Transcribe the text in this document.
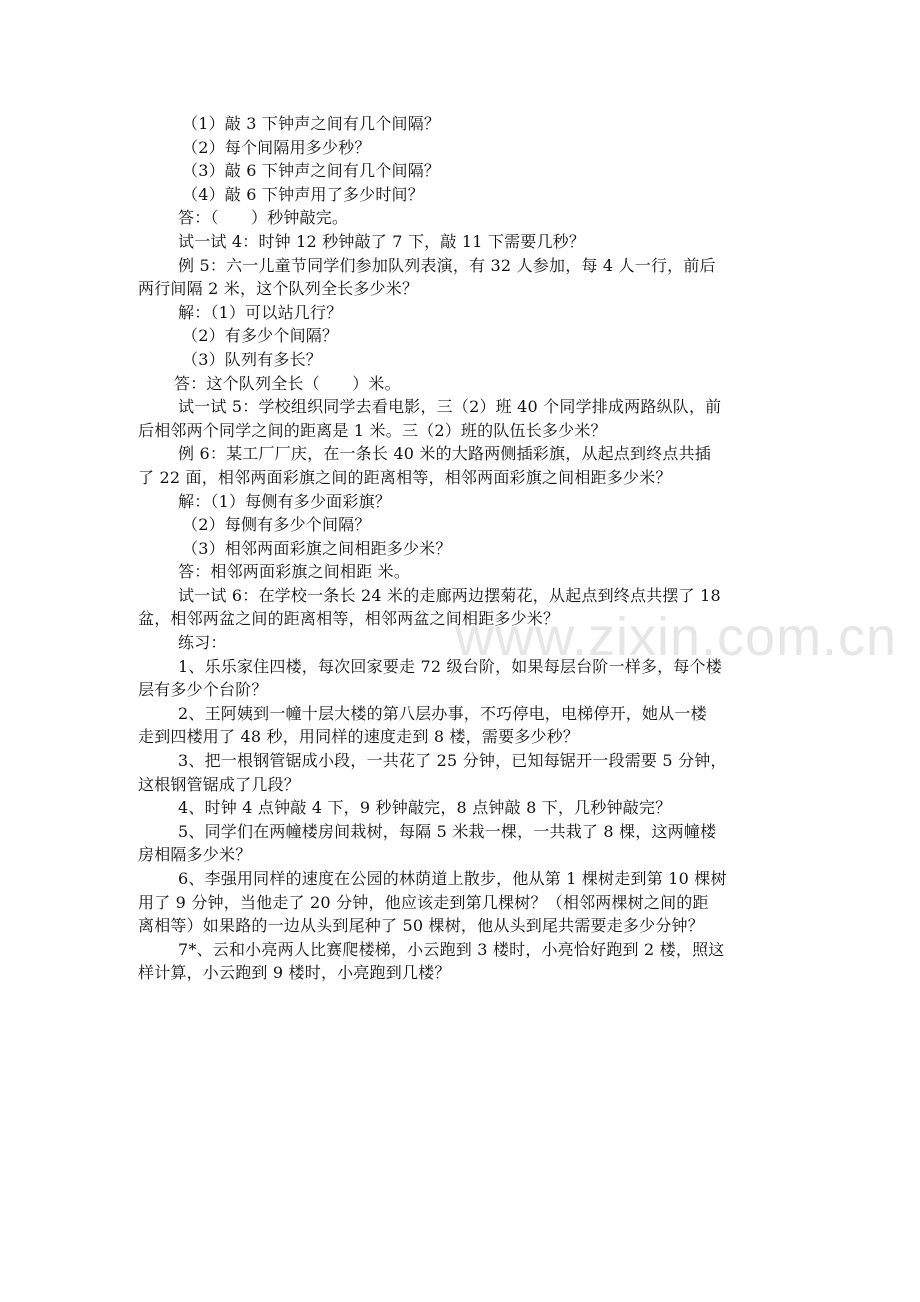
www.zixin.com.cn
（1）敲 3 下钟声之间有几个间隔？
（2）每个间隔用多少秒？
（3）敲 6 下钟声之间有几个间隔？
（4）敲 6 下钟声用了多少时间？
答：（　　）秒钟敲完。
试一试 4：时钟 12 秒钟敲了 7 下，敲 11 下需要几秒？
例 5：六一儿童节同学们参加队列表演，有 32 人参加，每 4 人一行，前后
两行间隔 2 米，这个队列全长多少米？
解：（1）可以站几行？
（2）有多少个间隔？
（3）队列有多长？
答：这个队列全长（　　）米。
试一试 5：学校组织同学去看电影，三（2）班 40 个同学排成两路纵队，前
后相邻两个同学之间的距离是 1 米。三（2）班的队伍长多少米？
例 6：某工厂厂庆，在一条长 40 米的大路两侧插彩旗，从起点到终点共插
了 22 面，相邻两面彩旗之间的距离相等，相邻两面彩旗之间相距多少米？
解：（1）每侧有多少面彩旗？
（2）每侧有多少个间隔？
（3）相邻两面彩旗之间相距多少米？
答：相邻两面彩旗之间相距 米。
试一试 6：在学校一条长 24 米的走廊两边摆菊花，从起点到终点共摆了 18
盆，相邻两盆之间的距离相等，相邻两盆之间相距多少米？
练习：
1、乐乐家住四楼，每次回家要走 72 级台阶，如果每层台阶一样多，每个楼
层有多少个台阶？
2、王阿姨到一幢十层大楼的第八层办事，不巧停电，电梯停开，她从一楼
走到四楼用了 48 秒，用同样的速度走到 8 楼，需要多少秒？
3、把一根钢管锯成小段，一共花了 25 分钟，已知每锯开一段需要 5 分钟，
这根钢管锯成了几段？
4、时钟 4 点钟敲 4 下，9 秒钟敲完，8 点钟敲 8 下，几秒钟敲完？
5、同学们在两幢楼房间栽树，每隔 5 米栽一棵，一共栽了 8 棵，这两幢楼
房相隔多少米？
6、李强用同样的速度在公园的林荫道上散步，他从第 1 棵树走到第 10 棵树
用了 9 分钟，当他走了 20 分钟，他应该走到第几棵树？（相邻两棵树之间的距
离相等）如果路的一边从头到尾种了 50 棵树，他从头到尾共需要走多少分钟？
7*、云和小亮两人比赛爬楼梯，小云跑到 3 楼时，小亮恰好跑到 2 楼，照这
样计算，小云跑到 9 楼时，小亮跑到几楼？
